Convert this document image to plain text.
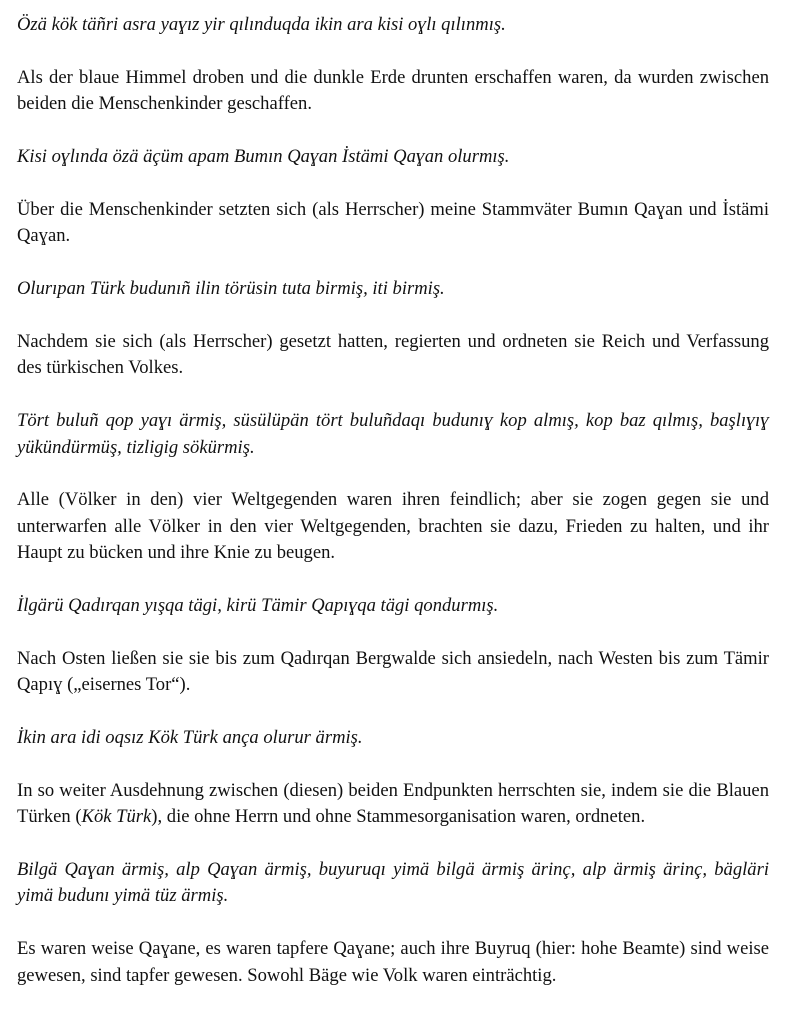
Özä kök täñri asra yaɣız yir qılınduqda ikin ara kisi oɣlı qılınmış.

Als der blaue Himmel droben und die dunkle Erde drunten erschaffen waren, da wurden zwischen beiden die Menschenkinder geschaffen.

Kisi oɣlında özä äçüm apam Bumın Qaɣan İstämi Qaɣan olurmış.

Über die Menschenkinder setzten sich (als Herrscher) meine Stammväter Bumın Qaɣan und İstämi Qaɣan.

Olurıpan Türk budunıñ ilin törüsin tuta birmiş, iti birmiş.

Nachdem sie sich (als Herrscher) gesetzt hatten, regierten und ordneten sie Reich und Verfassung des türkischen Volkes.

Tört buluñ qop yaɣı ärmiş, süsülüpän tört buluñdaqı budunıɣ kop almış, kop baz qılmış, başlıɣıɣ yükündürmüş, tizligig sökürmiş.

Alle (Völker in den) vier Weltgegenden waren ihren feindlich; aber sie zogen gegen sie und unterwarfen alle Völker in den vier Weltgegenden, brachten sie dazu, Frieden zu halten, und ihr Haupt zu bücken und ihre Knie zu beugen.

İlgärü Qadırqan yışqa tägi, kirü Tämir Qapıɣqa tägi qondurmış.

Nach Osten ließen sie sie bis zum Qadırqan Bergwalde sich ansiedeln, nach Westen bis zum Tämir Qapıɣ („eisernes Tor“).

İkin ara idi oqsız Kök Türk ança olurur ärmiş.

In so weiter Ausdehnung zwischen (diesen) beiden Endpunkten herrschten sie, indem sie die Blauen Türken (Kök Türk), die ohne Herrn und ohne Stammesorganisation waren, ordneten.

Bilgä Qaɣan ärmiş, alp Qaɣan ärmiş, buyuruqı yimä bilgä ärmiş ärinç, alp ärmiş ärinç, bägläri yimä budunı yimä tüz ärmiş.

Es waren weise Qaɣane, es waren tapfere Qaɣane; auch ihre Buyruq (hier: hohe Beamte) sind weise gewesen, sind tapfer gewesen. Sowohl Bäge wie Volk waren einträchtig.
